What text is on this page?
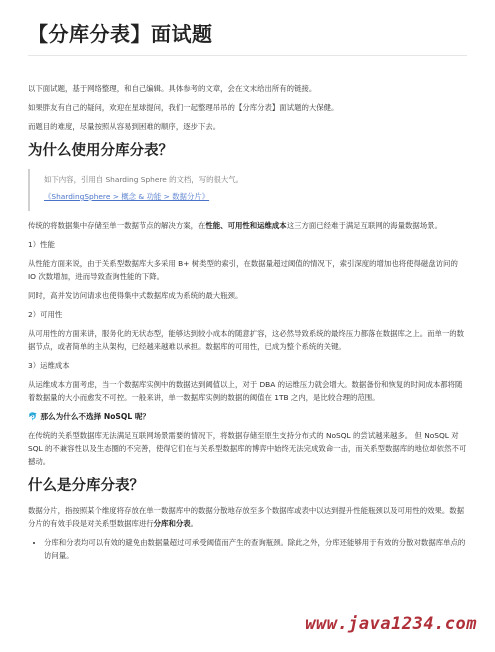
【分库分表】面试题

以下面试题，基于网络整理，和自己编辑。具体参考的文章，会在文末给出所有的链接。

如果胖友有自己的疑问，欢迎在星球提问，我们一起整理吊吊的【分库分表】面试题的大保健。

而题目的难度，尽量按照从容易到困难的顺序，逐步下去。

为什么使用分库分表？

如下内容，引用自 Sharding Sphere 的文档，写的很大气。

《ShardingSphere > 概念 & 功能 > 数据分片》

传统的将数据集中存储至单一数据节点的解决方案，在性能、可用性和运维成本这三方面已经难于满足互联网的海量数据场景。

1）性能

从性能方面来说，由于关系型数据库大多采用 B+ 树类型的索引，在数据量超过阈值的情况下，索引深度的增加也将使得磁盘访问的 IO 次数增加，进而导致查询性能的下降。

同时，高并发访问请求也使得集中式数据库成为系统的最大瓶颈。

2）可用性

从可用性的方面来讲，服务化的无状态型，能够达到较小成本的随意扩容，这必然导致系统的最终压力都落在数据库之上。而单一的数据节点，或者简单的主从架构，已经越来越难以承担。数据库的可用性，已成为整个系统的关键。

3）运维成本

从运维成本方面考虑，当一个数据库实例中的数据达到阈值以上，对于 DBA 的运维压力就会增大。数据备份和恢复的时间成本都将随着数据量的大小而愈发不可控。一般来讲，单一数据库实例的数据的阈值在 1TB 之内，是比较合理的范围。

🐬 那么为什么不选择 NoSQL 呢？

在传统的关系型数据库无法满足互联网场景需要的情况下，将数据存储至原生支持分布式的 NoSQL 的尝试越来越多。 但 NoSQL 对 SQL 的不兼容性以及生态圈的不完善，使得它们在与关系型数据库的博弈中始终无法完成致命一击，而关系型数据库的地位却依然不可撼动。

什么是分库分表？

数据分片，指按照某个维度将存放在单一数据库中的数据分散地存放至多个数据库或表中以达到提升性能瓶颈以及可用性的效果。数据分片的有效手段是对关系型数据库进行分库和分表。

• 分库和分表均可以有效的避免由数据量超过可承受阈值而产生的查询瓶颈。除此之外，分库还能够用于有效的分散对数据库单点的访问量。
www.java1234.com
